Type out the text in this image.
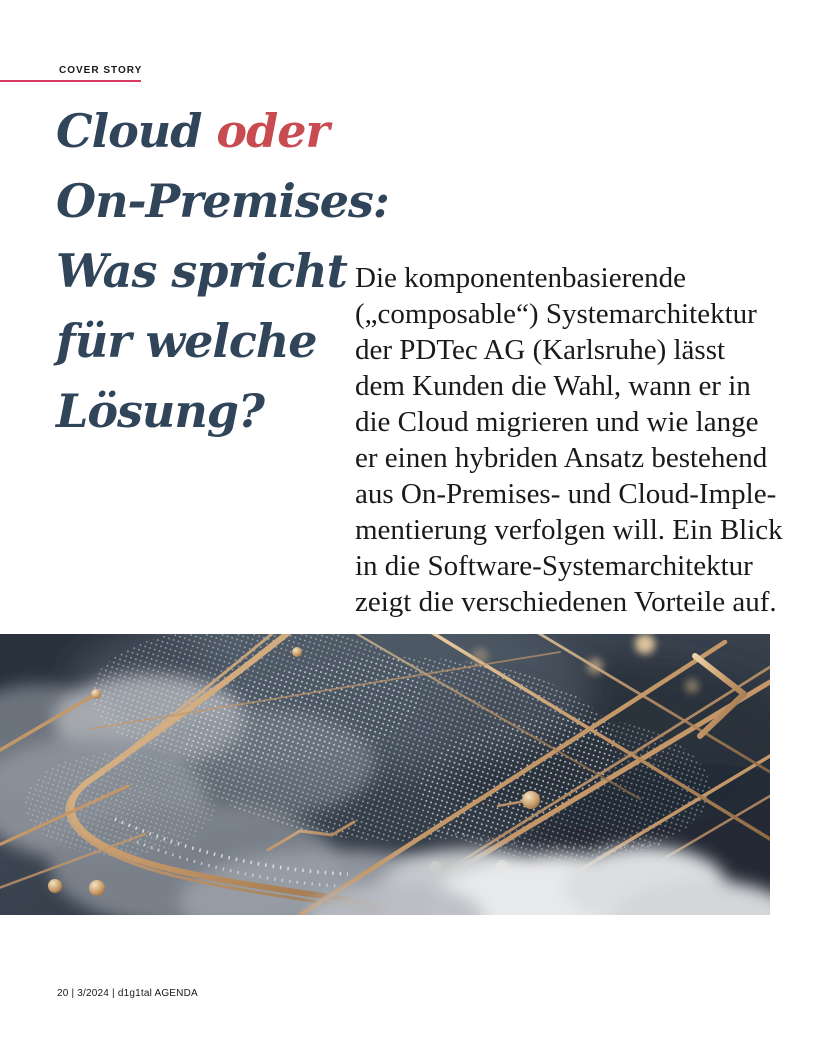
COVER STORY
Cloud oder
On-Premises:
Was spricht
für welche
Lösung?

Die komponentenbasierende
(„composable“) Systemarchitektur
der PDTec AG (Karlsruhe) lässt
dem Kunden die Wahl, wann er in
die Cloud migrieren und wie lange
er einen hybriden Ansatz bestehend
aus On-Premises- und Cloud-Imple-
mentierung verfolgen will. Ein Blick
in die Software-Systemarchitektur
zeigt die verschiedenen Vorteile auf.

20 | 3/2024 | d1g1tal AGENDA
